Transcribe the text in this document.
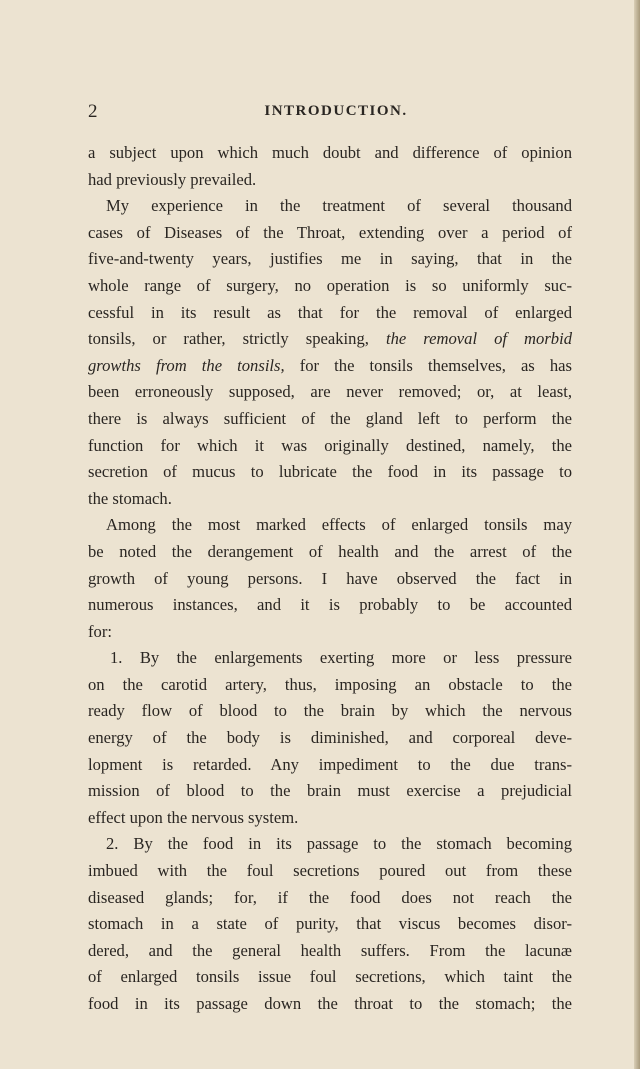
2	INTRODUCTION.
a subject upon which much doubt and difference of opinion
had previously prevailed.
My experience in the treatment of several thousand
cases of Diseases of the Throat, extending over a period of
five-and-twenty years, justifies me in saying, that in the
whole range of surgery, no operation is so uniformly suc-
cessful in its result as that for the removal of enlarged
tonsils, or rather, strictly speaking, the removal of morbid
growths from the tonsils, for the tonsils themselves, as has
been erroneously supposed, are never removed; or, at least,
there is always sufficient of the gland left to perform the
function for which it was originally destined, namely, the
secretion of mucus to lubricate the food in its passage to
the stomach.
Among the most marked effects of enlarged tonsils may
be noted the derangement of health and the arrest of the
growth of young persons. I have observed the fact in
numerous instances, and it is probably to be accounted
for:
1. By the enlargements exerting more or less pressure
on the carotid artery, thus, imposing an obstacle to the
ready flow of blood to the brain by which the nervous
energy of the body is diminished, and corporeal deve-
lopment is retarded. Any impediment to the due trans-
mission of blood to the brain must exercise a prejudicial
effect upon the nervous system.
2. By the food in its passage to the stomach becoming
imbued with the foul secretions poured out from these
diseased glands; for, if the food does not reach the
stomach in a state of purity, that viscus becomes disor-
dered, and the general health suffers. From the lacunæ
of enlarged tonsils issue foul secretions, which taint the
food in its passage down the throat to the stomach; the
